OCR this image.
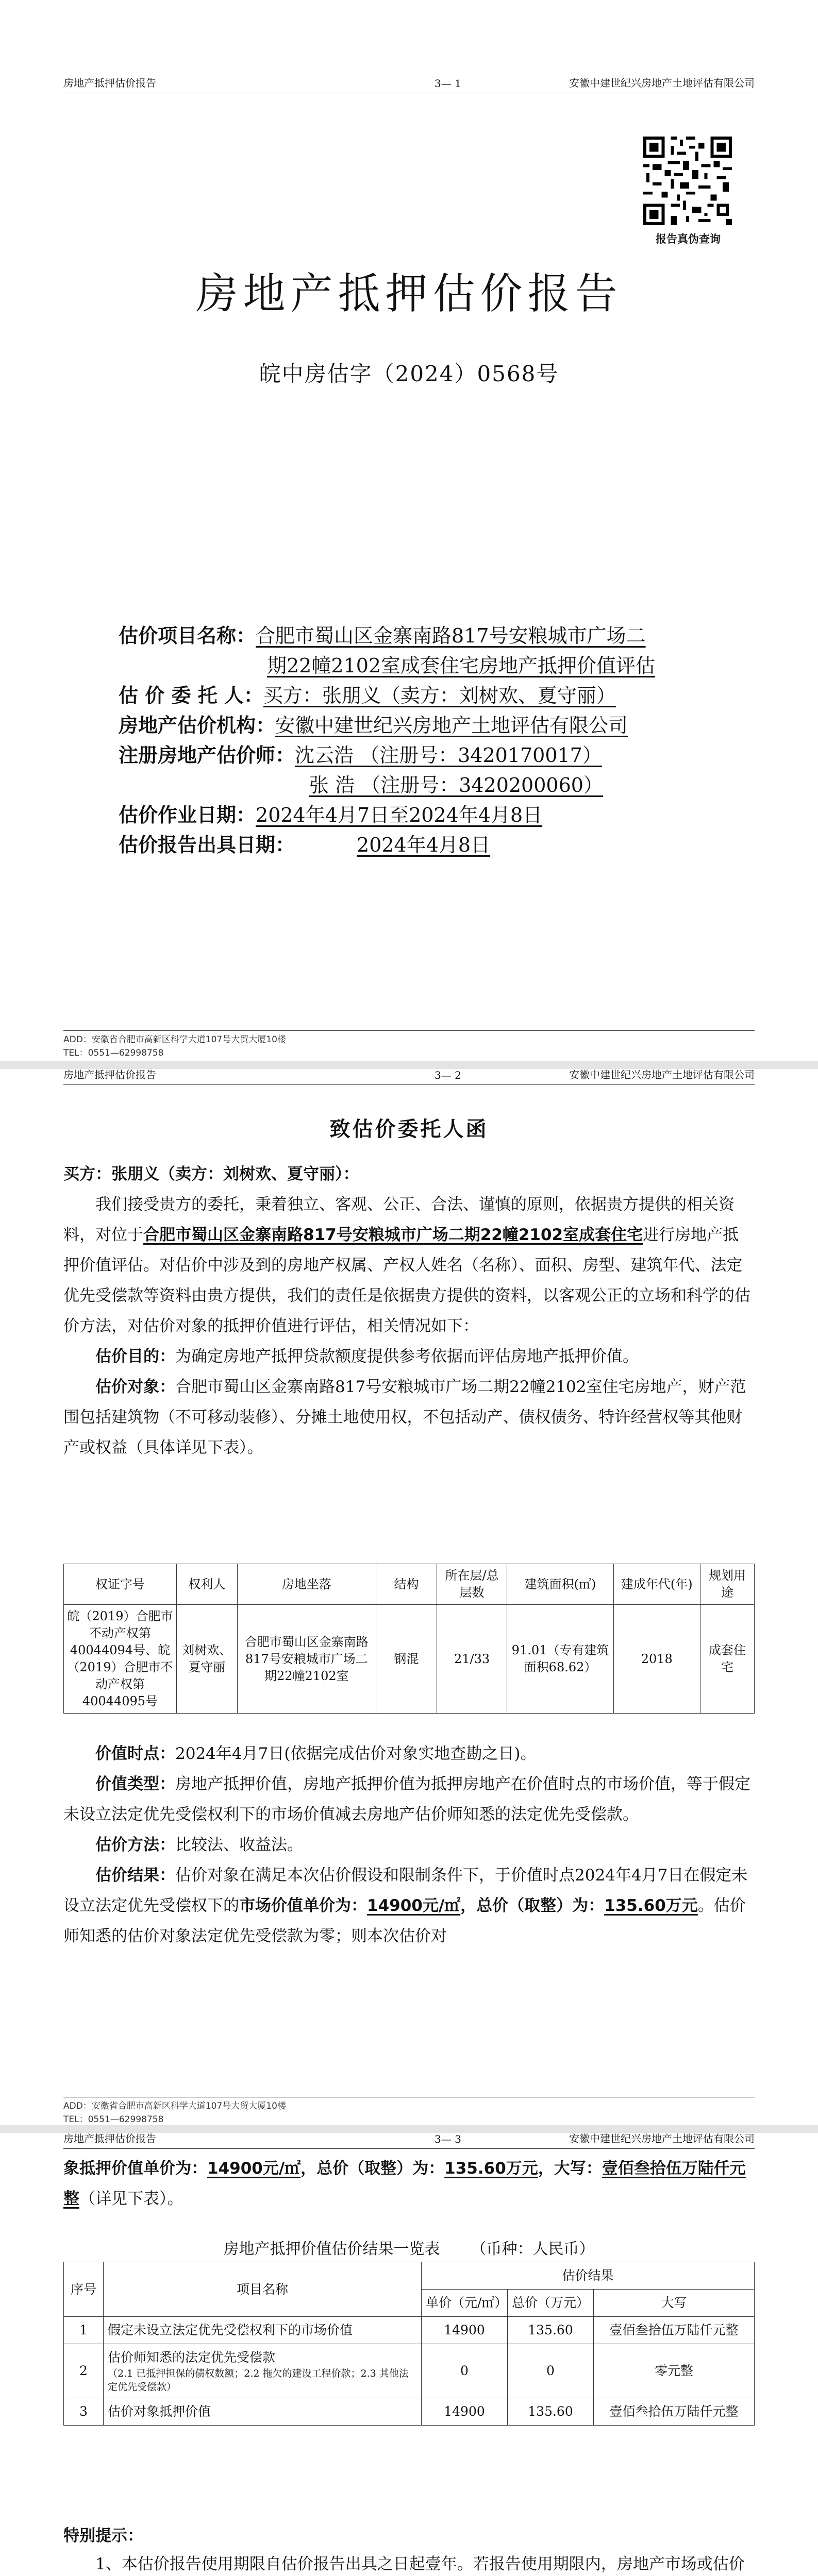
房地产抵押估价报告	3— 1	安徽中建世纪兴房地产土地评估有限公司
报告真伪查询
房地产抵押估价报告
皖中房估字（2024）0568号
估价项目名称：合肥市蜀山区金寨南路817号安粮城市广场二
期22幢2102室成套住宅房地产抵押价值评估
估 价 委 托 人：买方：张朋义（卖方：刘树欢、夏守丽）
房地产估价机构：安徽中建世纪兴房地产土地评估有限公司
注册房地产估价师：沈云浩 （注册号：3420170017）
张 浩 （注册号：3420200060）
估价作业日期：2024年4月7日至2024年4月8日
估价报告出具日期：	2024年4月8日
ADD：安徽省合肥市高新区科学大道107号大贸大厦10楼
TEL：0551—62998758
房地产抵押估价报告	3— 2	安徽中建世纪兴房地产土地评估有限公司
致估价委托人函

买方：张朋义（卖方：刘树欢、夏守丽）：

我们接受贵方的委托，秉着独立、客观、公正、合法、谨慎的原则，依据贵方提供的相关资料，对位于合肥市蜀山区金寨南路817号安粮城市广场二期22幢2102室成套住宅进行房地产抵押价值评估。对估价中涉及到的房地产权属、产权人姓名（名称）、面积、房型、建筑年代、法定优先受偿款等资料由贵方提供，我们的责任是依据贵方提供的资料，以客观公正的立场和科学的估价方法，对估价对象的抵押价值进行评估，相关情况如下：

估价目的：为确定房地产抵押贷款额度提供参考依据而评估房地产抵押价值。

估价对象：合肥市蜀山区金寨南路817号安粮城市广场二期22幢2102室住宅房地产，财产范围包括建筑物（不可移动装修）、分摊土地使用权，不包括动产、债权债务、特许经营权等其他财产或权益（具体详见下表）。

权证字号	权利人	房地坐落	结构	所在层/总层数	建筑面积(㎡)	建成年代(年)	规划用途
皖（2019）合肥市不动产权第40044094号、皖（2019）合肥市不动产权第40044095号	刘树欢、夏守丽	合肥市蜀山区金寨南路817号安粮城市广场二期22幢2102室	钢混	21/33	91.01（专有建筑面积68.62）	2018	成套住宅

价值时点：2024年4月7日(依据完成估价对象实地查勘之日)。

价值类型：房地产抵押价值，房地产抵押价值为抵押房地产在价值时点的市场价值，等于假定未设立法定优先受偿权利下的市场价值减去房地产估价师知悉的法定优先受偿款。

估价方法：比较法、收益法。

估价结果：估价对象在满足本次估价假设和限制条件下，于价值时点2024年4月7日在假定未设立法定优先受偿权下的市场价值单价为：14900元/㎡，总价（取整）为：135.60万元。估价师知悉的估价对象法定优先受偿款为零；则本次估价对

ADD：安徽省合肥市高新区科学大道107号大贸大厦10楼
TEL：0551—62998758
房地产抵押估价报告	3— 3	安徽中建世纪兴房地产土地评估有限公司

象抵押价值单价为：14900元/㎡，总价（取整）为：135.60万元，大写：壹佰叁拾伍万陆仟元整（详见下表）。

房地产抵押价值估价结果一览表 （币种：人民币）
序号	项目名称	估价结果		
		单价（元/㎡）	总价（万元）	大写
1	假定未设立法定优先受偿权利下的市场价值	14900	135.60	壹佰叁拾伍万陆仟元整
2	估价师知悉的法定优先受偿款
（2.1 已抵押担保的债权数额；2.2 拖欠的建设工程价款；2.3 其他法定优先受偿款）	0	0	零元整
3	估价对象抵押价值	14900	135.60	壹佰叁拾伍万陆仟元整

特别提示：

1、本估价报告使用期限自估价报告出具之日起壹年。若报告使用期限内，房地产市场或估价
